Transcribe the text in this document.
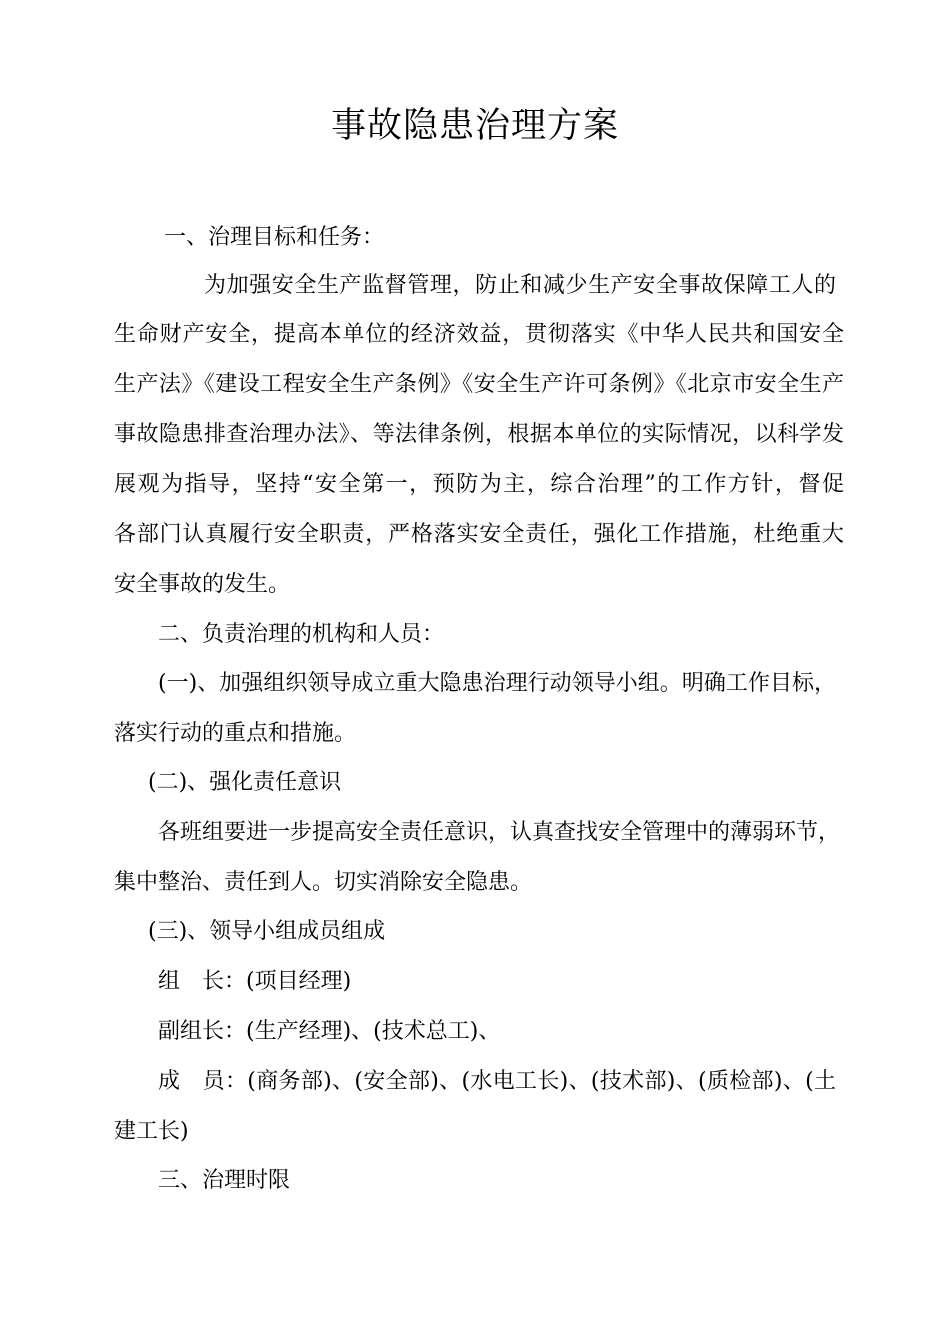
事故隐患治理方案
一、治理目标和任务：
为加强安全生产监督管理，防止和减少生产安全事故保障工人的
生命财产安全，提高本单位的经济效益，贯彻落实《中华人民共和国安全
生产法》《建设工程安全生产条例》《安全生产许可条例》《北京市安全生产
事故隐患排查治理办法》、等法律条例，根据本单位的实际情况，以科学发
展观为指导，坚持“安全第一，预防为主，综合治理”的工作方针，督促
各部门认真履行安全职责，严格落实安全责任，强化工作措施，杜绝重大
安全事故的发生。
二、负责治理的机构和人员：
(一)、加强组织领导成立重大隐患治理行动领导小组。明确工作目标，
落实行动的重点和措施。
(二)、强化责任意识
各班组要进一步提高安全责任意识，认真查找安全管理中的薄弱环节，
集中整治、责任到人。切实消除安全隐患。
(三)、领导小组成员组成
组　长：(项目经理)
副组长：(生产经理)、(技术总工)、
成　员：(商务部)、(安全部)、(水电工长)、(技术部)、(质检部)、(土
建工长)
三、治理时限
